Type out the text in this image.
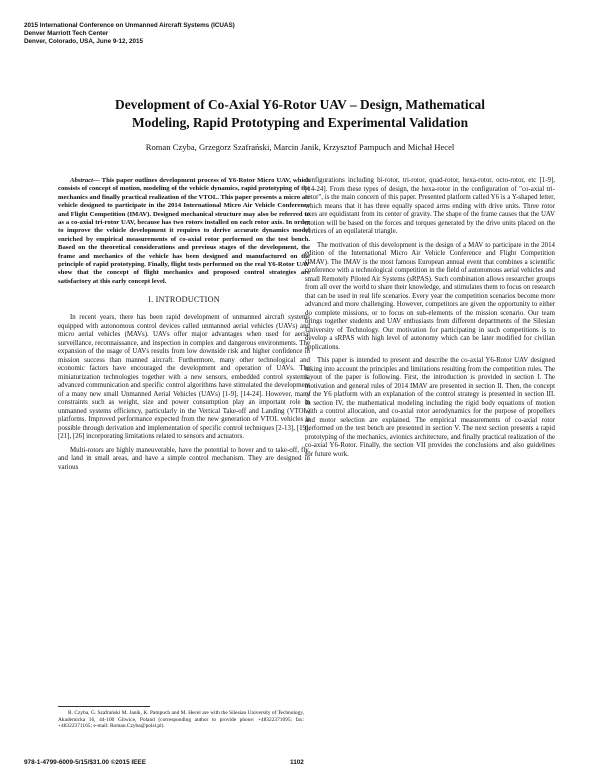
2015 International Conference on Unmanned Aircraft Systems (ICUAS)
Denver Marriott Tech Center
Denver, Colorado, USA, June 9-12, 2015
Development of Co-Axial Y6-Rotor UAV – Design, Mathematical
Modeling, Rapid Prototyping and Experimental Validation
Roman Czyba, Grzegorz Szafrański, Marcin Janik, Krzysztof Pampuch and Michał Hecel

Abstract— This paper outlines development process of Y6-Rotor Micro UAV, which consists of concept of motion, modeling of the vehicle dynamics, rapid prototyping of the mechanics and finally practical realization of the VTOL. This paper presents a micro air vehicle designed to participate in the 2014 International Micro Air Vehicle Conference and Flight Competition (IMAV). Designed mechanical structure may also be referred to as a co-axial tri-rotor UAV, because has two rotors installed on each rotor axis. In order to improve the vehicle development it requires to derive accurate dynamics model enriched by empirical measurements of co-axial rotor performed on the test bench. Based on the theoretical considerations and previous stages of the development, the frame and mechanics of the vehicle has been designed and manufactured on the principle of rapid prototyping. Finally, flight tests performed on the real Y6-Rotor UAV show that the concept of flight mechanics and proposed control strategies are satisfactory at this early concept level.

I. INTRODUCTION

In recent years, there has been rapid development of unmanned aircraft systems equipped with autonomous control devices called unmanned aerial vehicles (UAVs) and micro aerial vehicles (MAVs). UAVs offer major advantages when used for aerial surveillance, reconnaissance, and inspection in complex and dangerous environments. The expansion of the usage of UAVs results from low downside risk and higher confidence in mission success than manned aircraft. Furthermore, many other technological and economic factors have encouraged the development and operation of UAVs. The miniaturization technologies together with a new sensors, embedded control systems, advanced communication and specific control algorithms have stimulated the development of a many new small Unmanned Aerial Vehicles (UAVs) [1-9], [14-24]. However, many constraints such as weight, size and power consumption play an important role in unmanned systems efficiency, particularly in the Vertical Take-off and Landing (VTOL) platforms. Improved performance expected from the new generation of VTOL vehicles is possible through derivation and implementation of specific control techniques [2-13], [19], [21], [26] incorporating limitations related to sensors and actuators.

Multi-rotors are highly maneuverable, have the potential to hover and to take-off, fly, and land in small areas, and have a simple control mechanism. They are designed in various

configurations including bi-rotor, tri-rotor, quad-rotor, hexa-rotor, octo-rotor, etc [1-9], [14-24]. From these types of design, the hexa-rotor in the configuration of "co-axial tri-rotor", is the main concern of this paper. Presented platform called Y6 is a Y-shaped letter, which means that it has three equally spaced arms ending with drive units. Three rotor axes are equidistant from its center of gravity. The shape of the frame causes that the UAV motion will be based on the forces and torques generated by the drive units placed on the vertices of an equilateral triangle.

The motivation of this development is the design of a MAV to participate in the 2014 edition of the International Micro Air Vehicle Conference and Flight Competition (IMAV). The IMAV is the most famous European annual event that combines a scientific conference with a technological competition in the field of autonomous aerial vehicles and small Remotely Piloted Air Systems (sRPAS). Such combination allows researcher groups from all over the world to share their knowledge, and stimulates them to focus on research that can be used in real life scenarios. Every year the competition scenarios become more advanced and more challenging. However, competitors are given the opportunity to either do complete missions, or to focus on sub-elements of the mission scenario. Our team brings together students and UAV enthusiasts from different departments of the Silesian University of Technology. Our motivation for participating in such competitions is to develop a sRPAS with high level of autonomy which can be later modified for civilian applications.

This paper is intended to present and describe the co-axial Y6-Rotor UAV designed taking into account the principles and limitations resulting from the competition rules. The layout of the paper is following. First, the introduction is provided in section I. The motivation and general rules of 2014 IMAV are presented in section II. Then, the concept of the Y6 platform with an explanation of the control strategy is presented in section III. In section IV, the mathematical modeling including the rigid body equations of motion with a control allocation, and co-axial rotor aerodynamics for the purpose of propellers and motor selection are explained. The empirical measurements of co-axial rotor performed on the test bench are presented in section V. The next section presents a rapid prototyping of the mechanics, avionics architecture, and finally practical realization of the co-axial Y6-Rotor. Finally, the section VII provides the conclusions and also guidelines for future work.

R. Czyba, G. Szafrański M. Janik, K. Pampuch and M. Hecel are with the Silesian University of Technology, Akademicka 16, 44-100 Gliwice, Poland (corresponding author to provide phone: +48322371095; fax: +48322371165; e-mail: Roman.Czyba@polsl.pl).
978-1-4799-6009-5/15/$31.00 ©2015 IEEE	1102
